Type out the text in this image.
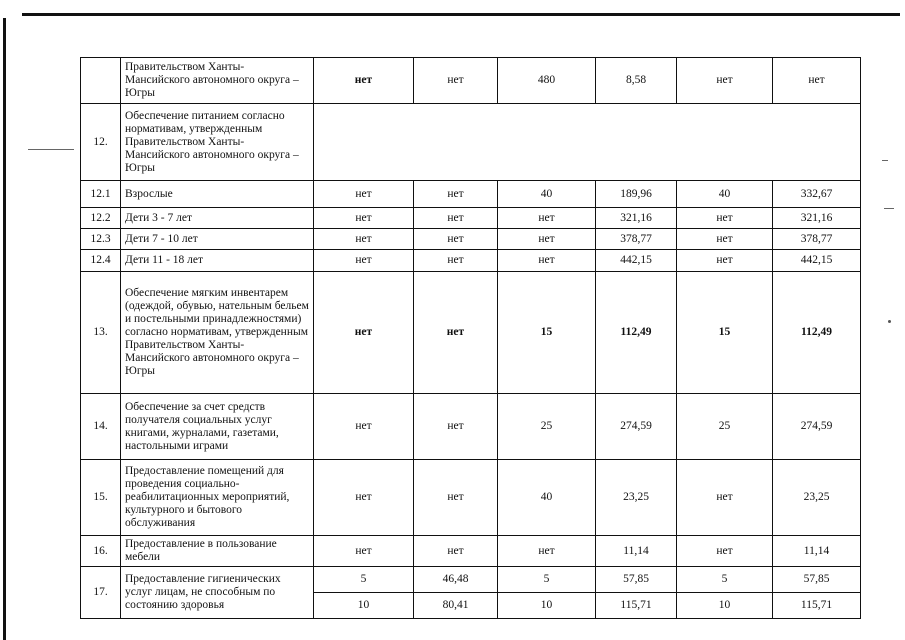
	Правительством Ханты-Мансийского автономного округа – Югры	нет	нет	480	8,58	нет	нет
12.	Обеспечение питанием согласно нормативам, утвержденным Правительством Ханты-Мансийского автономного округа – Югры						
12.1	Взрослые	нет	нет	40	189,96	40	332,67
12.2	Дети 3 - 7 лет	нет	нет	нет	321,16	нет	321,16
12.3	Дети 7 - 10 лет	нет	нет	нет	378,77	нет	378,77
12.4	Дети 11 - 18 лет	нет	нет	нет	442,15	нет	442,15
13.	Обеспечение мягким инвентарем (одеждой, обувью, нательным бельем и постельными принадлежностями) согласно нормативам, утвержденным Правительством Ханты-Мансийского автономного округа – Югры	нет	нет	15	112,49	15	112,49
14.	Обеспечение за счет средств получателя социальных услуг книгами, журналами, газетами, настольными играми	нет	нет	25	274,59	25	274,59
15.	Предоставление помещений для проведения социально-реабилитационных мероприятий, культурного и бытового обслуживания	нет	нет	40	23,25	нет	23,25
16.	Предоставление в пользование мебели	нет	нет	нет	11,14	нет	11,14
17.	Предоставление гигиенических услуг лицам, не способным по состоянию здоровья	5	46,48	5	57,85	5	57,85
		10	80,41	10	115,71	10	115,71
